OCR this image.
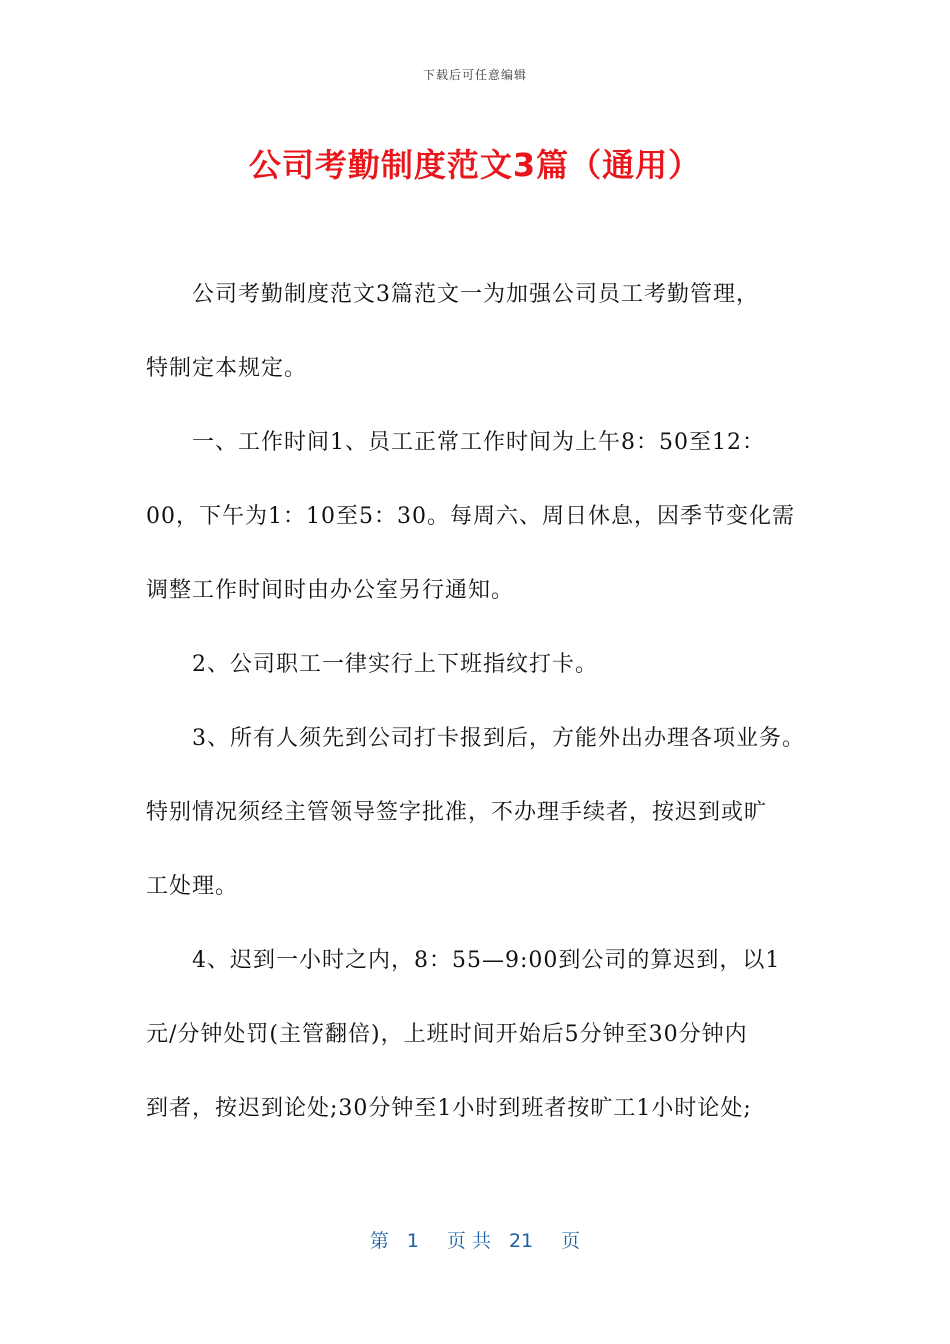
下载后可任意编辑
公司考勤制度范文3篇（通用）
公司考勤制度范文3篇范文一为加强公司员工考勤管理，
特制定本规定。
一、工作时间1、员工正常工作时间为上午8：50至12：
00，下午为1：10至5：30。每周六、周日休息，因季节变化需
调整工作时间时由办公室另行通知。
2、公司职工一律实行上下班指纹打卡。
3、所有人须先到公司打卡报到后，方能外出办理各项业务。
特别情况须经主管领导签字批准，不办理手续者，按迟到或旷
工处理。
4、迟到一小时之内，8：55—9:00到公司的算迟到，以1
元/分钟处罚(主管翻倍)，上班时间开始后5分钟至30分钟内
到者，按迟到论处;30分钟至1小时到班者按旷工1小时论处;
第 1 页 共 21 页
